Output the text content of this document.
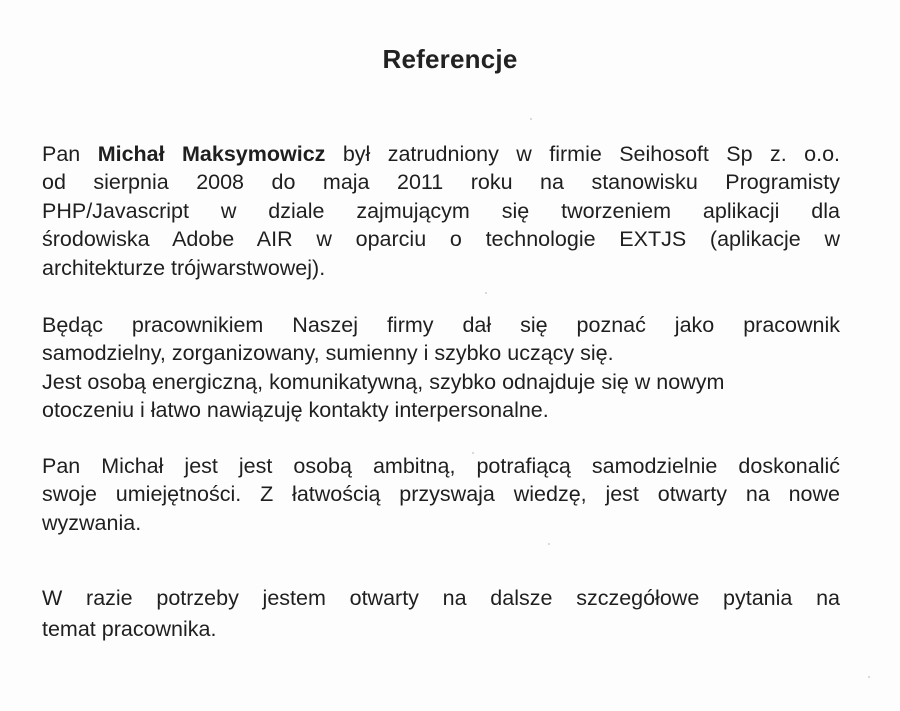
Referencje
Pan Michał Maksymowicz był zatrudniony w firmie Seihosoft Sp z. o.o.
od sierpnia 2008 do maja 2011 roku na stanowisku Programisty
PHP/Javascript w dziale zajmującym się tworzeniem aplikacji dla
środowiska Adobe AIR w oparciu o technologie EXTJS (aplikacje w
architekturze trójwarstwowej).
Będąc pracownikiem Naszej firmy dał się poznać jako pracownik
samodzielny, zorganizowany, sumienny i szybko uczący się.
Jest osobą energiczną, komunikatywną, szybko odnajduje się w nowym
otoczeniu i łatwo nawiązuję kontakty interpersonalne.
Pan Michał jest jest osobą ambitną, potrafiącą samodzielnie doskonalić
swoje umiejętności. Z łatwością przyswaja wiedzę, jest otwarty na nowe
wyzwania.
W razie potrzeby jestem otwarty na dalsze szczegółowe pytania na
temat pracownika.
